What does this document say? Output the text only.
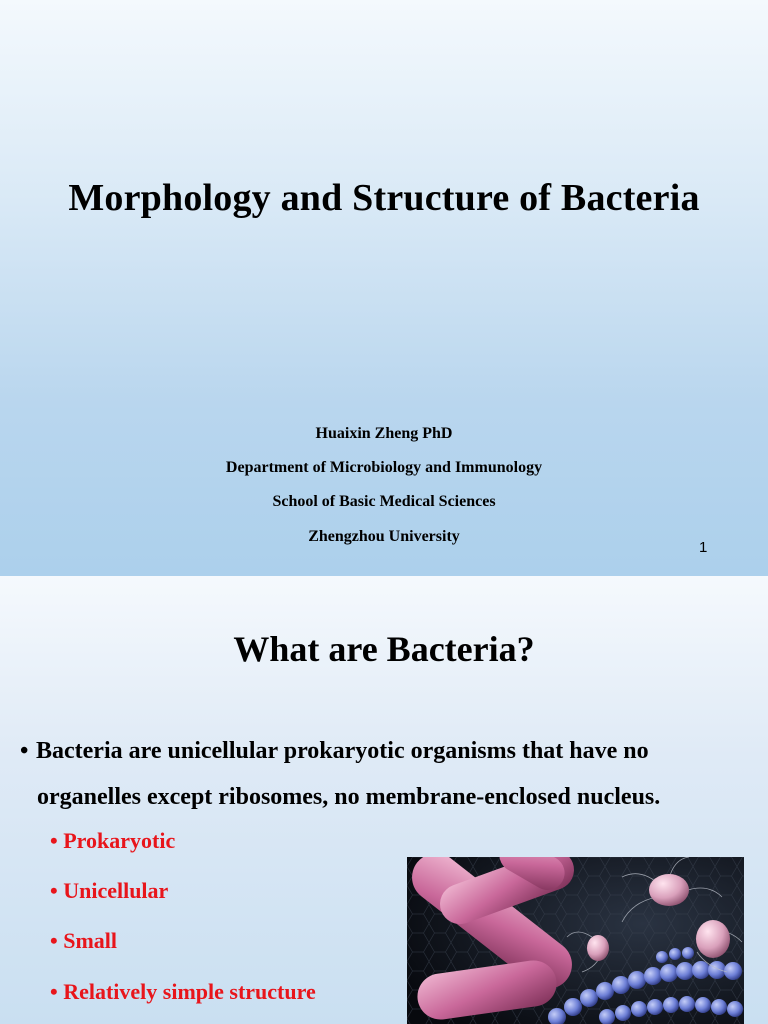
Morphology and Structure of Bacteria
Huaixin Zheng PhD
Department of Microbiology and Immunology
School of Basic Medical Sciences
Zhengzhou University
1
What are Bacteria?
• Bacteria are unicellular prokaryotic organisms that have no
organelles except ribosomes, no membrane-enclosed nucleus.
• Prokaryotic
• Unicellular
• Small
• Relatively simple structure
